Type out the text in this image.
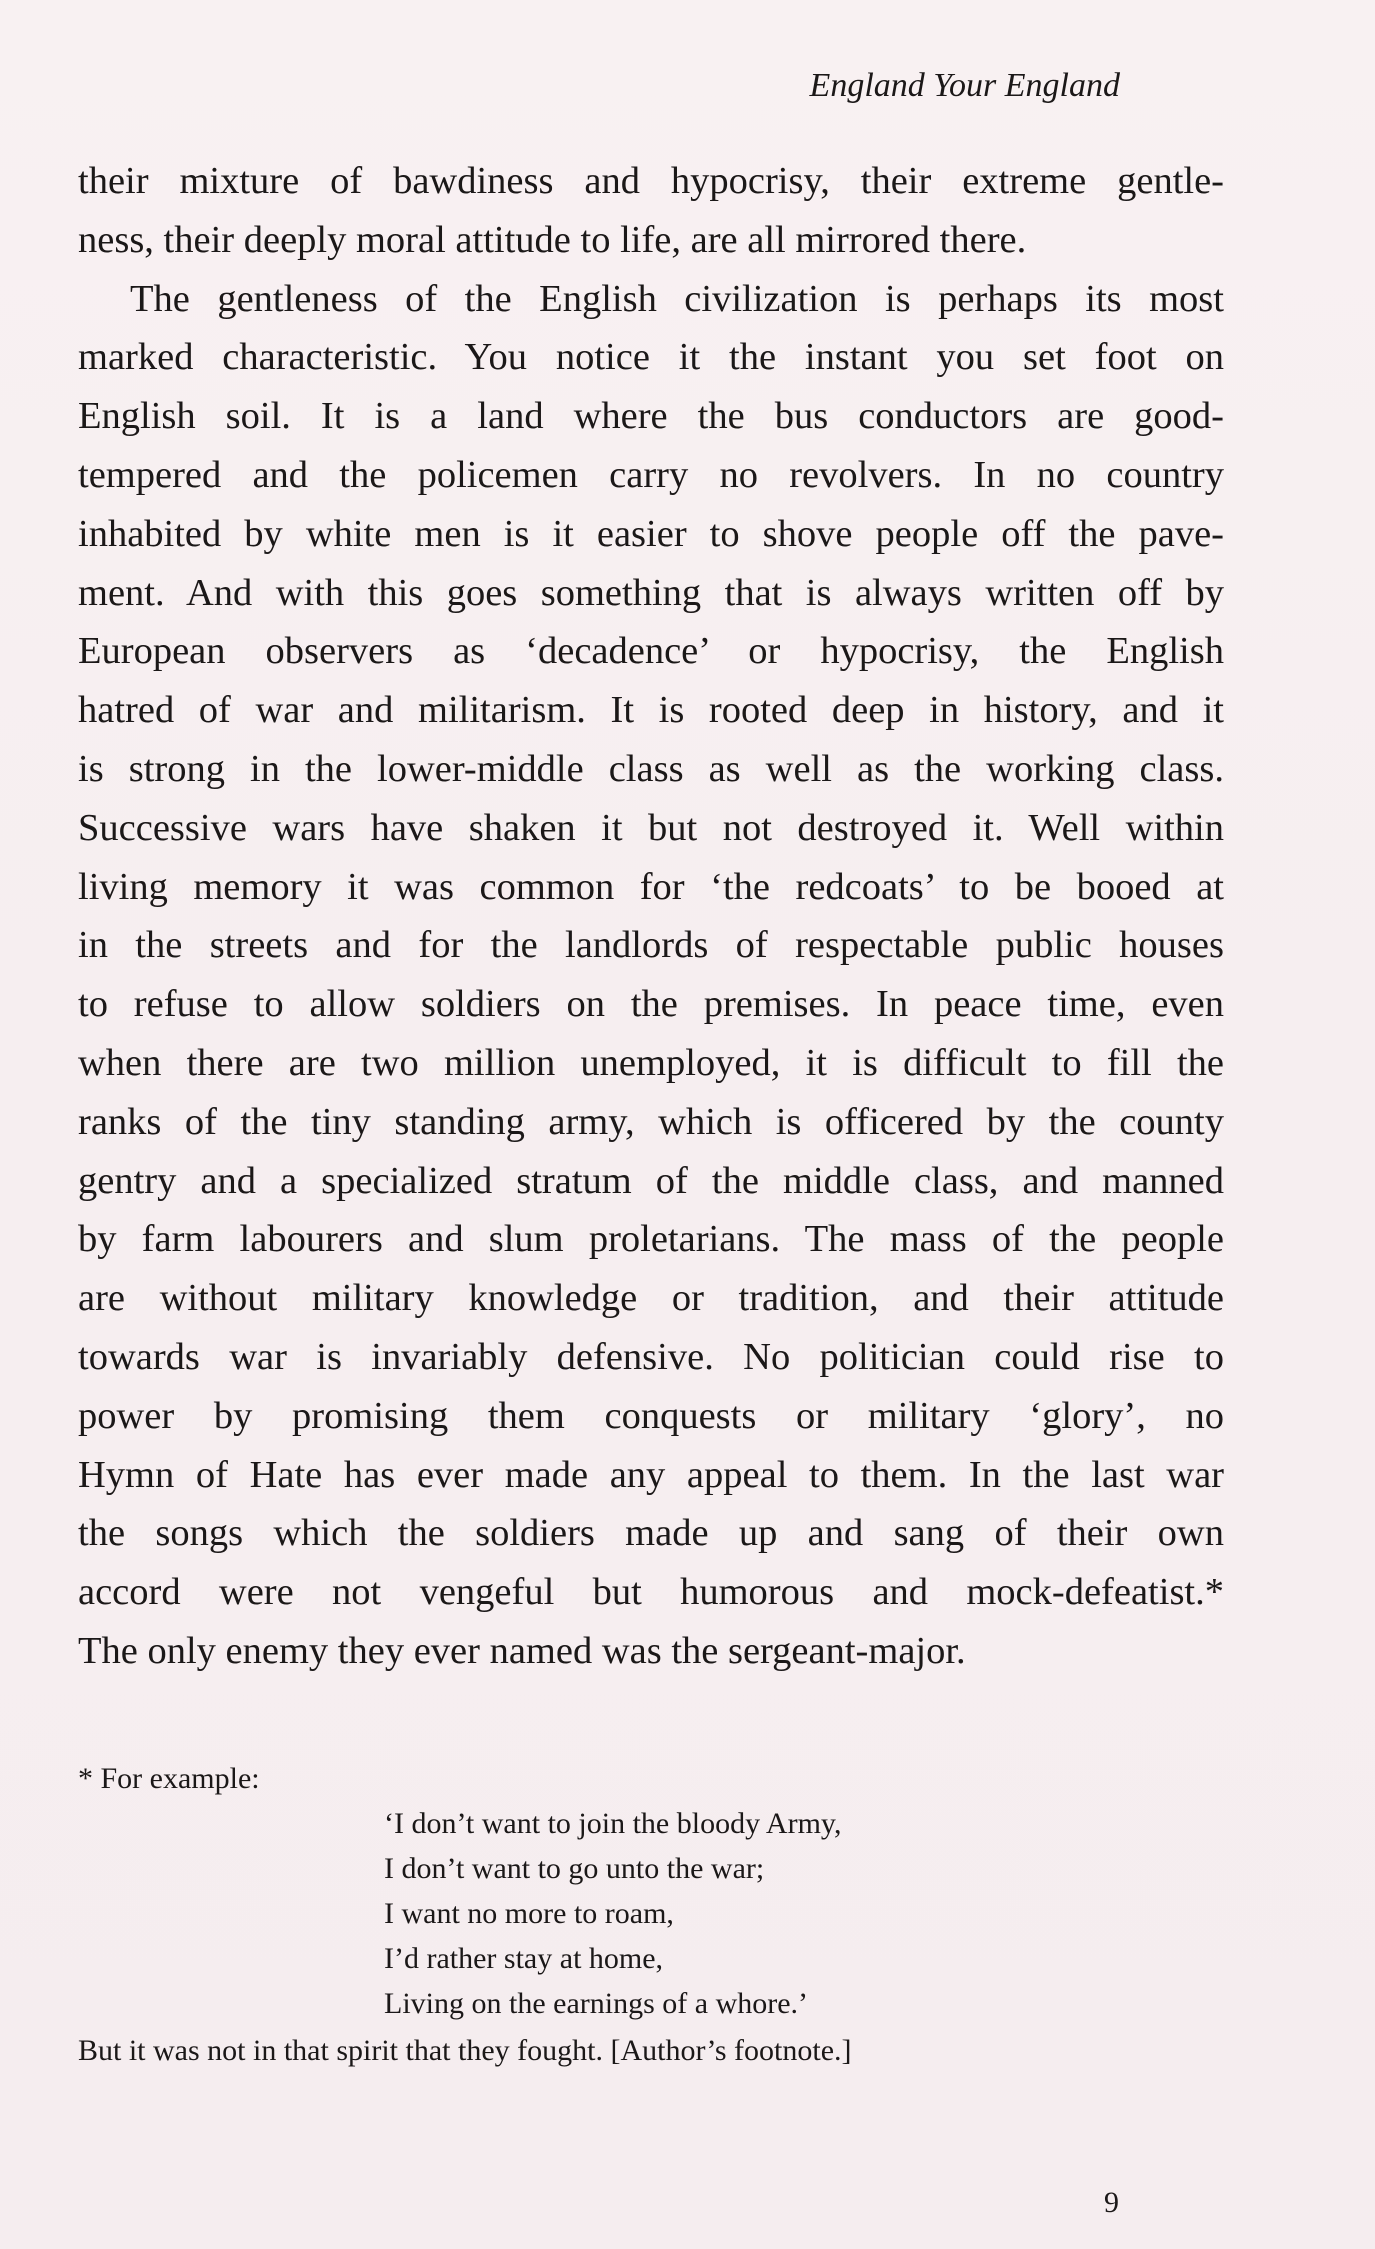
England Your England
their mixture of bawdiness and hypocrisy, their extreme gentle-
ness, their deeply moral attitude to life, are all mirrored there.
The gentleness of the English civilization is perhaps its most
marked characteristic. You notice it the instant you set foot on
English soil. It is a land where the bus conductors are good-
tempered and the policemen carry no revolvers. In no country
inhabited by white men is it easier to shove people off the pave-
ment. And with this goes something that is always written off by
European observers as ‘decadence’ or hypocrisy, the English
hatred of war and militarism. It is rooted deep in history, and it
is strong in the lower-middle class as well as the working class.
Successive wars have shaken it but not destroyed it. Well within
living memory it was common for ‘the redcoats’ to be booed at
in the streets and for the landlords of respectable public houses
to refuse to allow soldiers on the premises. In peace time, even
when there are two million unemployed, it is difficult to fill the
ranks of the tiny standing army, which is officered by the county
gentry and a specialized stratum of the middle class, and manned
by farm labourers and slum proletarians. The mass of the people
are without military knowledge or tradition, and their attitude
towards war is invariably defensive. No politician could rise to
power by promising them conquests or military ‘glory’, no
Hymn of Hate has ever made any appeal to them. In the last war
the songs which the soldiers made up and sang of their own
accord were not vengeful but humorous and mock-defeatist.*
The only enemy they ever named was the sergeant-major.
* For example:
‘I don’t want to join the bloody Army,
I don’t want to go unto the war;
I want no more to roam,
I’d rather stay at home,
Living on the earnings of a whore.’
But it was not in that spirit that they fought. [Author’s footnote.]
9
